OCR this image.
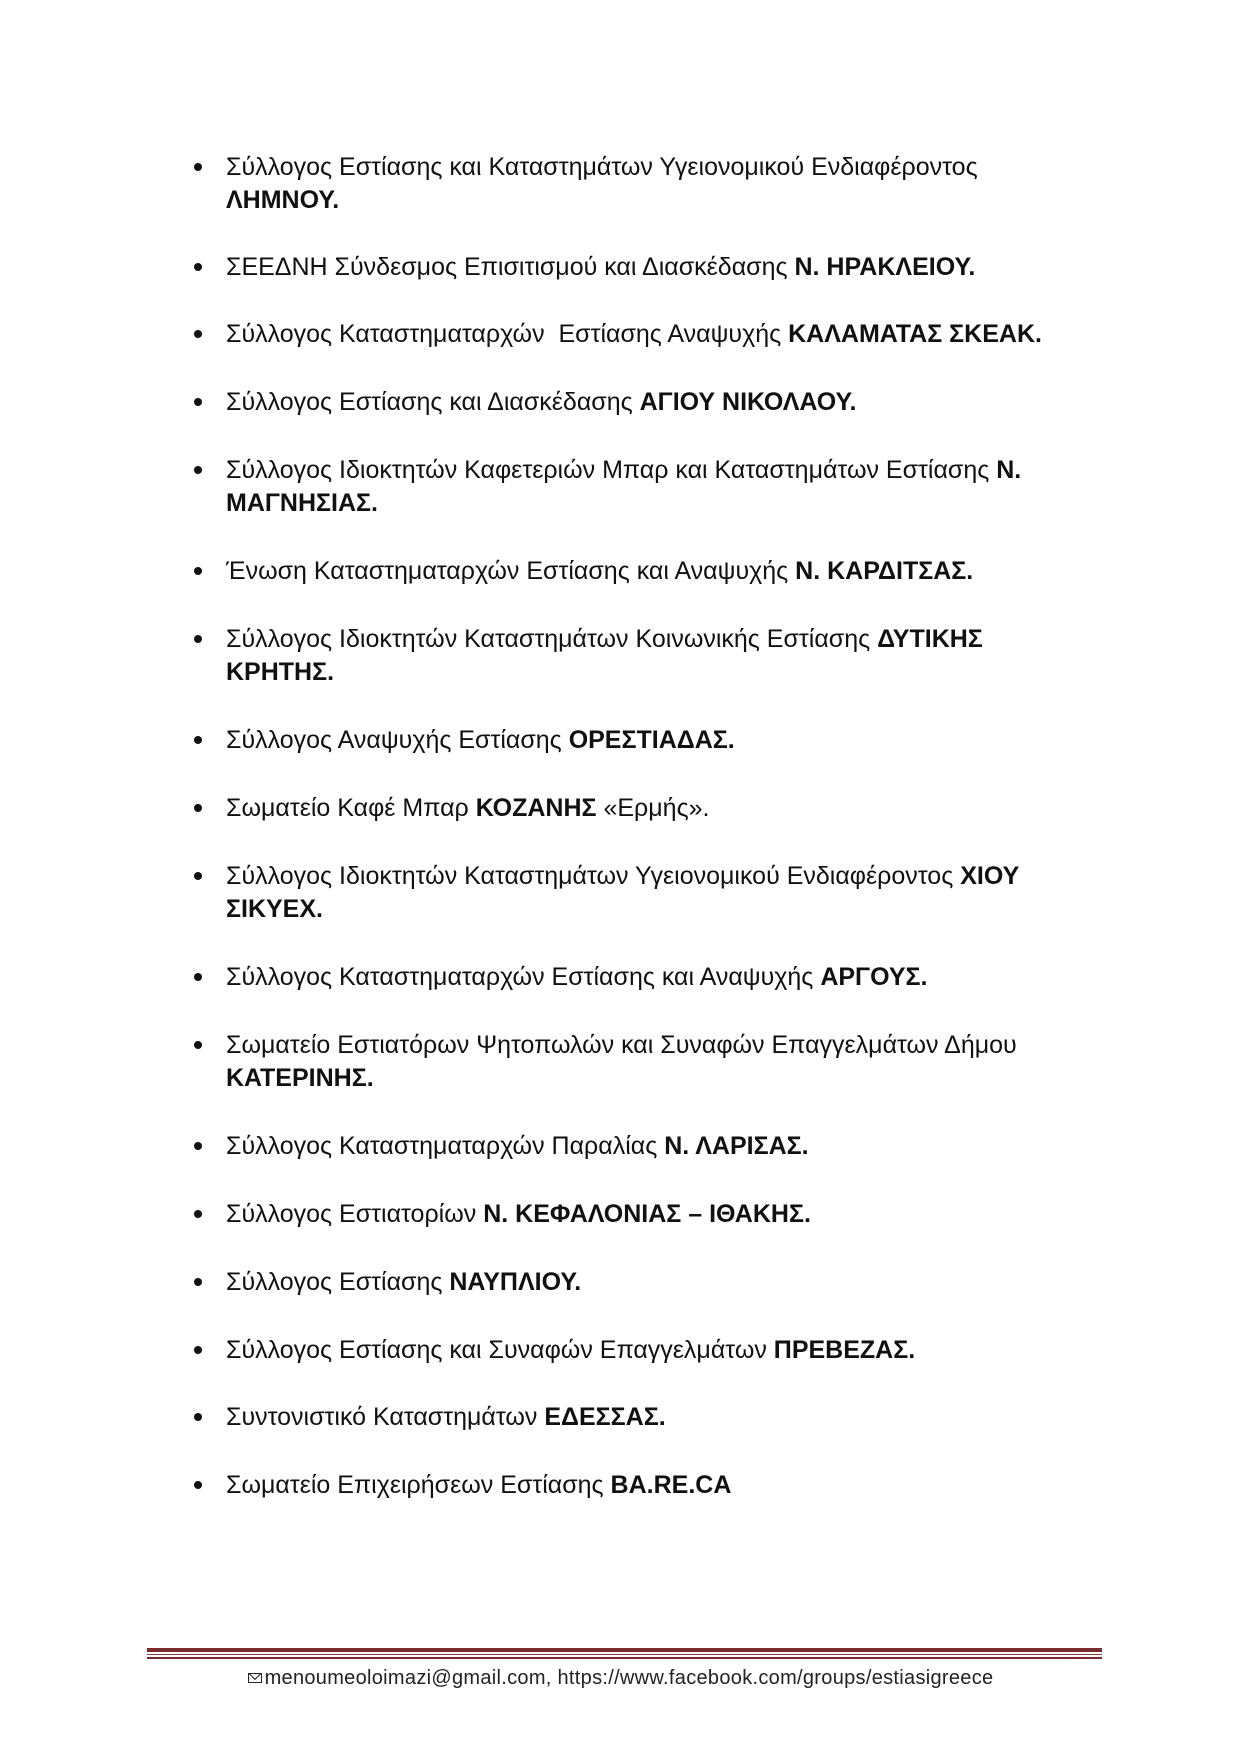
Σύλλογος Εστίασης και Καταστημάτων Υγειονομικού Ενδιαφέροντος ΛΗΜΝΟΥ.
ΣΕΕΔΝΗ Σύνδεσμος Επισιτισμού και Διασκέδασης Ν. ΗΡΑΚΛΕΙΟΥ.
Σύλλογος Καταστηματαρχών  Εστίασης Αναψυχής ΚΑΛΑΜΑΤΑΣ ΣΚΕΑΚ.
Σύλλογος Εστίασης και Διασκέδασης ΑΓΙΟΥ ΝΙΚΟΛΑΟΥ.
Σύλλογος Ιδιοκτητών Καφετεριών Μπαρ και Καταστημάτων Εστίασης Ν. ΜΑΓΝΗΣΙΑΣ.
Ένωση Καταστηματαρχών Εστίασης και Αναψυχής Ν. ΚΑΡΔΙΤΣΑΣ.
Σύλλογος Ιδιοκτητών Καταστημάτων Κοινωνικής Εστίασης ΔΥΤΙΚΗΣ ΚΡΗΤΗΣ.
Σύλλογος Αναψυχής Εστίασης ΟΡΕΣΤΙΑΔΑΣ.
Σωματείο Καφέ Μπαρ ΚΟΖΑΝΗΣ «Ερμής».
Σύλλογος Ιδιοκτητών Καταστημάτων Υγειονομικού Ενδιαφέροντος ΧΙΟΥ ΣΙΚΥΕΧ.
Σύλλογος Καταστηματαρχών Εστίασης και Αναψυχής ΑΡΓΟΥΣ.
Σωματείο Εστιατόρων Ψητοπωλών και Συναφών Επαγγελμάτων Δήμου ΚΑΤΕΡΙΝΗΣ.
Σύλλογος Καταστηματαρχών Παραλίας Ν. ΛΑΡΙΣΑΣ.
Σύλλογος Εστιατορίων Ν. ΚΕΦΑΛΟΝΙΑΣ – ΙΘΑΚΗΣ.
Σύλλογος Εστίασης ΝΑΥΠΛΙΟΥ.
Σύλλογος Εστίασης και Συναφών Επαγγελμάτων ΠΡΕΒΕΖΑΣ.
Συντονιστικό Καταστημάτων ΕΔΕΣΣΑΣ.
Σωματείο Επιχειρήσεων Εστίασης BA.RE.CA
menoumeoloimazi@gmail.com, https://www.facebook.com/groups/estiasigreece
